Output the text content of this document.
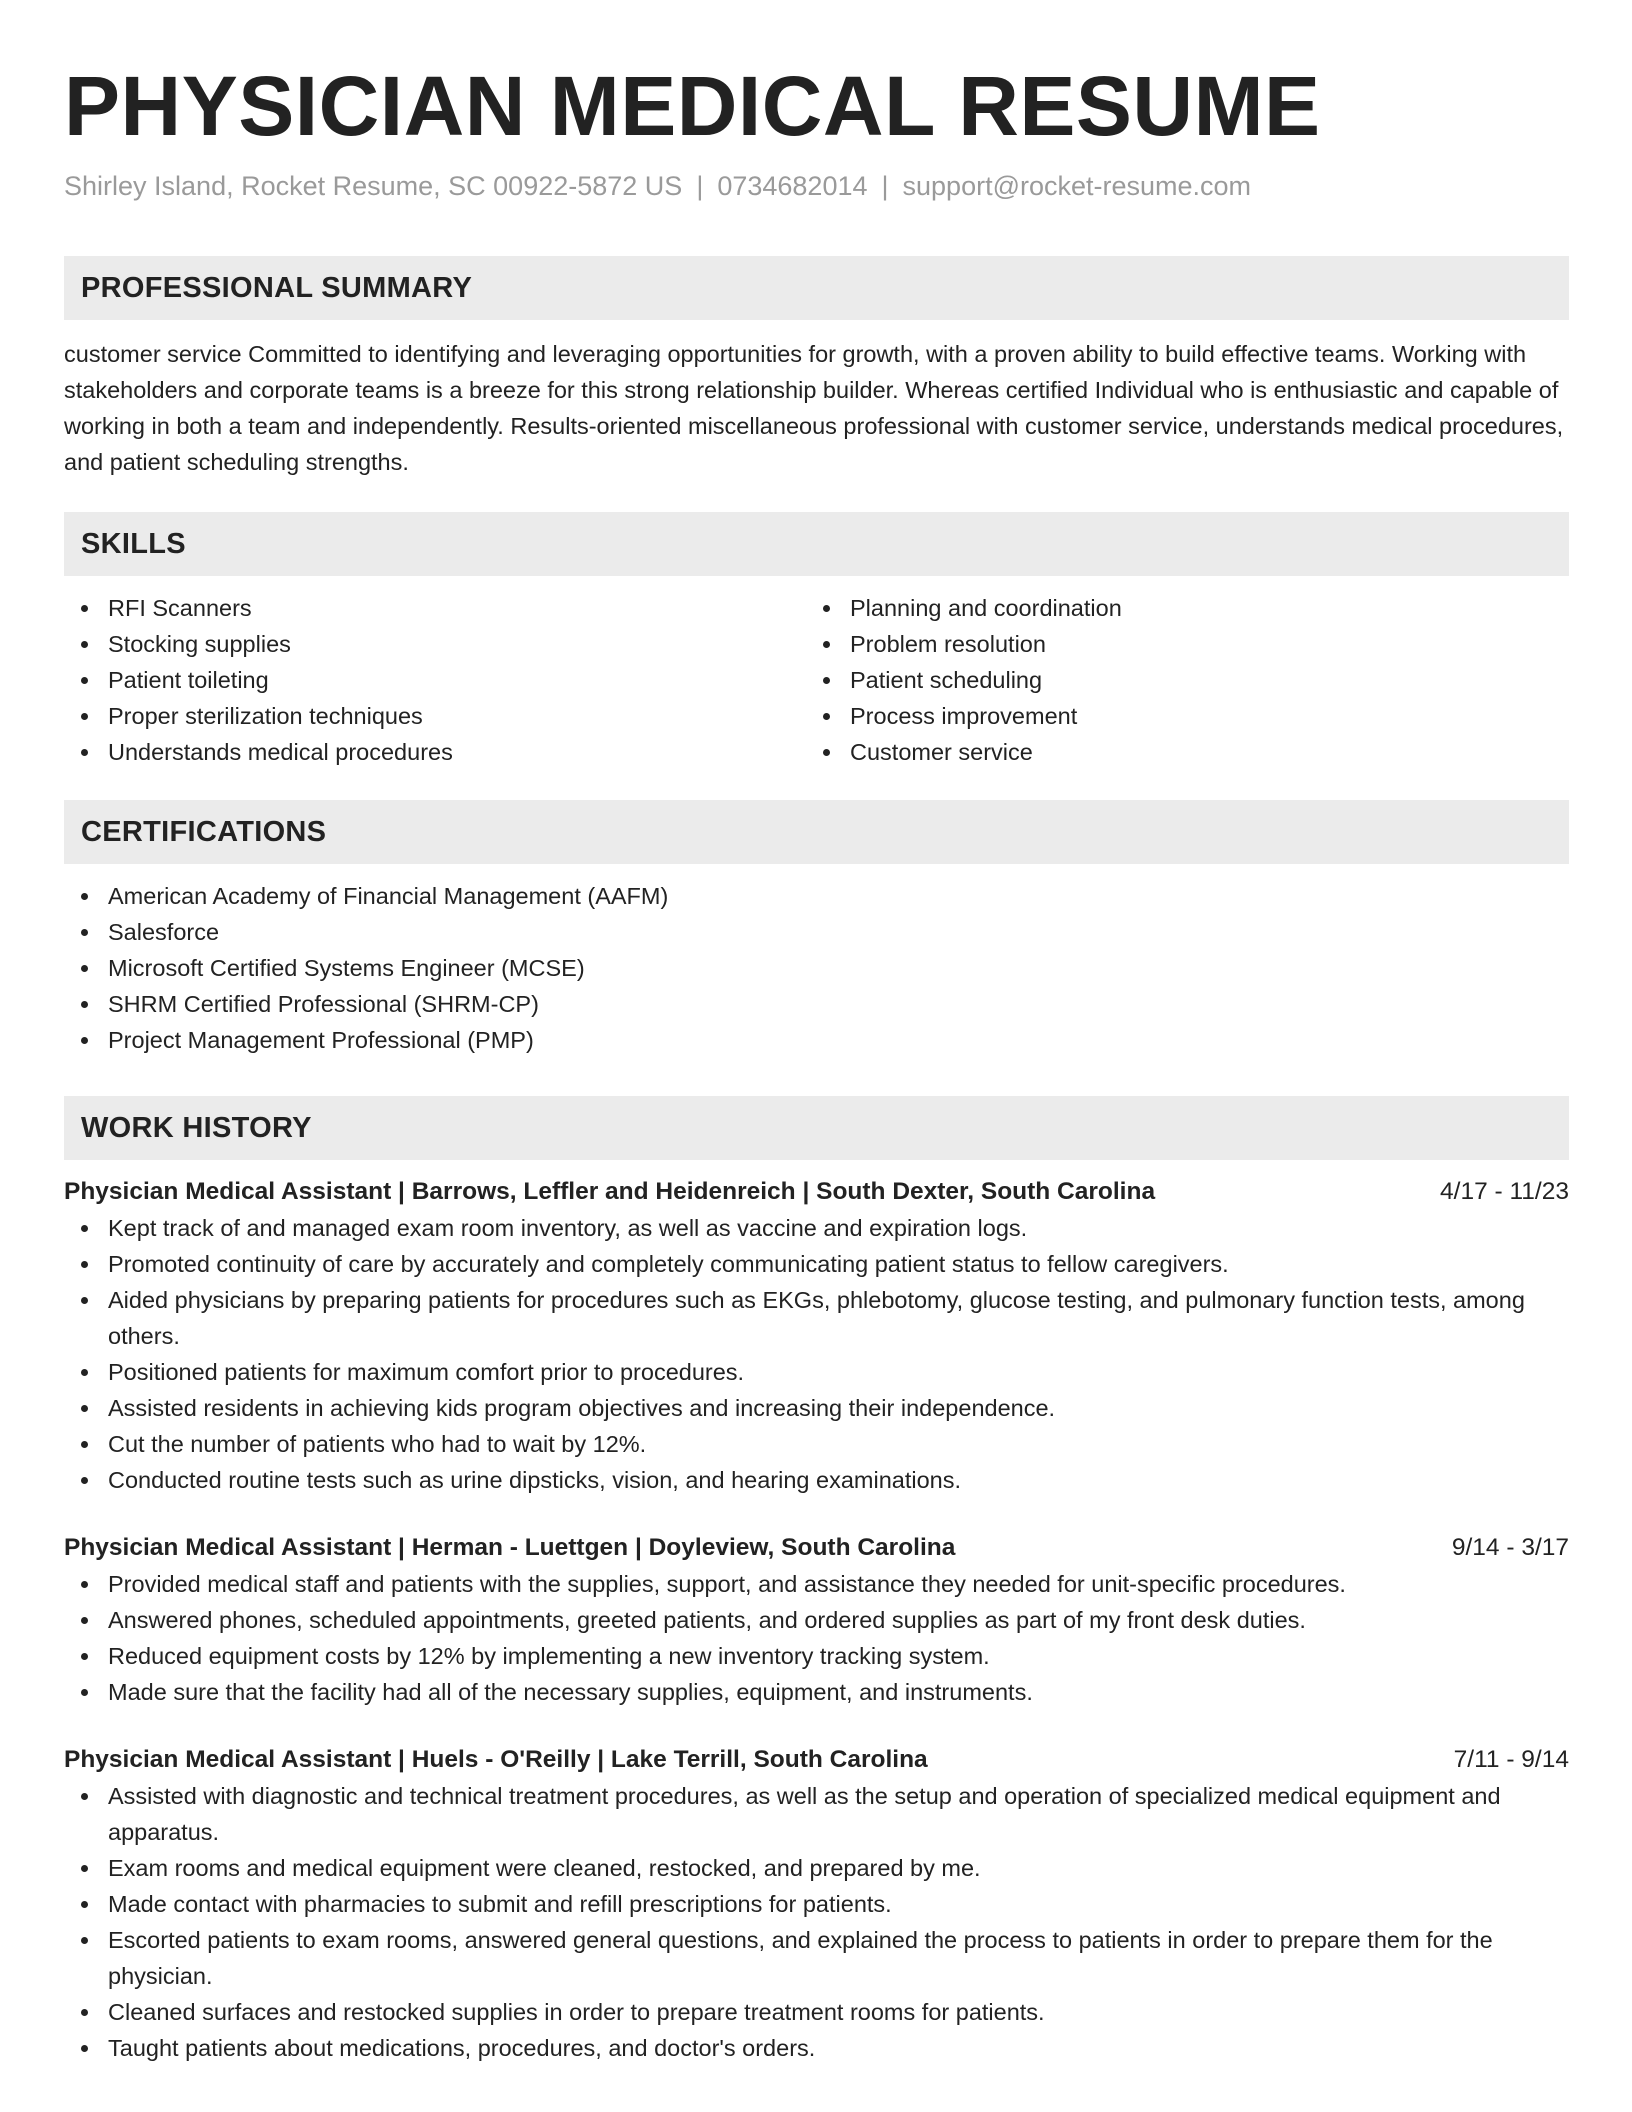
PHYSICIAN MEDICAL RESUME
Shirley Island, Rocket Resume, SC 00922-5872 US | 0734682014 | support@rocket-resume.com
PROFESSIONAL SUMMARY

customer service Committed to identifying and leveraging opportunities for growth, with a proven ability to build effective teams. Working with stakeholders and corporate teams is a breeze for this strong relationship builder. Whereas certified Individual who is enthusiastic and capable of working in both a team and independently. Results-oriented miscellaneous professional with customer service, understands medical procedures, and patient scheduling strengths.

SKILLS
RFI Scanners
Stocking supplies
Patient toileting
Proper sterilization techniques
Understands medical procedures
Planning and coordination
Problem resolution
Patient scheduling
Process improvement
Customer service
CERTIFICATIONS
American Academy of Financial Management (AAFM)
Salesforce
Microsoft Certified Systems Engineer (MCSE)
SHRM Certified Professional (SHRM-CP)
Project Management Professional (PMP)
WORK HISTORY
Physician Medical Assistant | Barrows, Leffler and Heidenreich | South Dexter, South Carolina	4/17 - 11/23
Kept track of and managed exam room inventory, as well as vaccine and expiration logs.
Promoted continuity of care by accurately and completely communicating patient status to fellow caregivers.
Aided physicians by preparing patients for procedures such as EKGs, phlebotomy, glucose testing, and pulmonary function tests, among others.
Positioned patients for maximum comfort prior to procedures.
Assisted residents in achieving kids program objectives and increasing their independence.
Cut the number of patients who had to wait by 12%.
Conducted routine tests such as urine dipsticks, vision, and hearing examinations.
Physician Medical Assistant | Herman - Luettgen | Doyleview, South Carolina	9/14 - 3/17
Provided medical staff and patients with the supplies, support, and assistance they needed for unit-specific procedures.
Answered phones, scheduled appointments, greeted patients, and ordered supplies as part of my front desk duties.
Reduced equipment costs by 12% by implementing a new inventory tracking system.
Made sure that the facility had all of the necessary supplies, equipment, and instruments.
Physician Medical Assistant | Huels - O'Reilly | Lake Terrill, South Carolina	7/11 - 9/14
Assisted with diagnostic and technical treatment procedures, as well as the setup and operation of specialized medical equipment and apparatus.
Exam rooms and medical equipment were cleaned, restocked, and prepared by me.
Made contact with pharmacies to submit and refill prescriptions for patients.
Escorted patients to exam rooms, answered general questions, and explained the process to patients in order to prepare them for the physician.
Cleaned surfaces and restocked supplies in order to prepare treatment rooms for patients.
Taught patients about medications, procedures, and doctor's orders.
